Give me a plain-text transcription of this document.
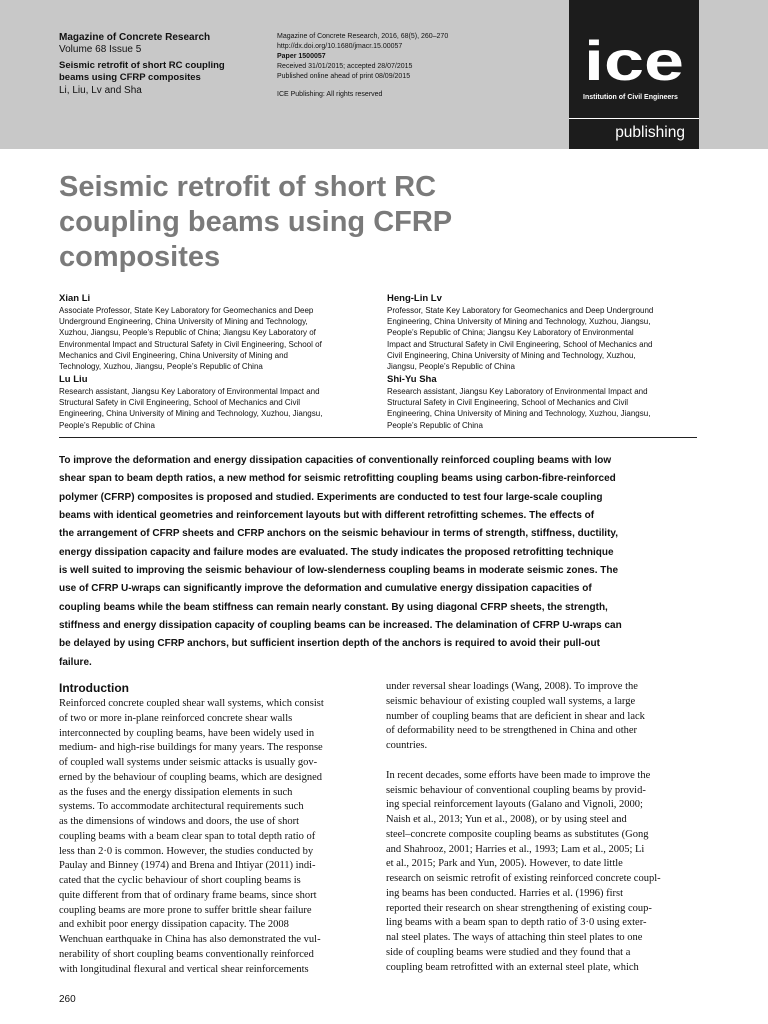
Magazine of Concrete Research
Volume 68 Issue 5
Seismic retrofit of short RC coupling
beams using CFRP composites
Li, Liu, Lv and Sha
Magazine of Concrete Research, 2016, 68(5), 260–270
http://dx.doi.org/10.1680/jmacr.15.00057
Paper 1500057
Received 31/01/2015; accepted 28/07/2015
Published online ahead of print 08/09/2015
ICE Publishing: All rights reserved
ice
Institution of Civil Engineers
publishing
Seismic retrofit of short RC
coupling beams using CFRP
composites
Xian Li
Associate Professor, State Key Laboratory for Geomechanics and Deep
Underground Engineering, China University of Mining and Technology,
Xuzhou, Jiangsu, People’s Republic of China; Jiangsu Key Laboratory of
Environmental Impact and Structural Safety in Civil Engineering, School of
Mechanics and Civil Engineering, China University of Mining and
Technology, Xuzhou, Jiangsu, People’s Republic of China
Heng-Lin Lv
Professor, State Key Laboratory for Geomechanics and Deep Underground
Engineering, China University of Mining and Technology, Xuzhou, Jiangsu,
People’s Republic of China; Jiangsu Key Laboratory of Environmental
Impact and Structural Safety in Civil Engineering, School of Mechanics and
Civil Engineering, China University of Mining and Technology, Xuzhou,
Jiangsu, People’s Republic of China
Lu Liu
Research assistant, Jiangsu Key Laboratory of Environmental Impact and
Structural Safety in Civil Engineering, School of Mechanics and Civil
Engineering, China University of Mining and Technology, Xuzhou, Jiangsu,
People’s Republic of China
Shi-Yu Sha
Research assistant, Jiangsu Key Laboratory of Environmental Impact and
Structural Safety in Civil Engineering, School of Mechanics and Civil
Engineering, China University of Mining and Technology, Xuzhou, Jiangsu,
People’s Republic of China
To improve the deformation and energy dissipation capacities of conventionally reinforced coupling beams with low
shear span to beam depth ratios, a new method for seismic retrofitting coupling beams using carbon-fibre-reinforced
polymer (CFRP) composites is proposed and studied. Experiments are conducted to test four large-scale coupling
beams with identical geometries and reinforcement layouts but with different retrofitting schemes. The effects of
the arrangement of CFRP sheets and CFRP anchors on the seismic behaviour in terms of strength, stiffness, ductility,
energy dissipation capacity and failure modes are evaluated. The study indicates the proposed retrofitting technique
is well suited to improving the seismic behaviour of low-slenderness coupling beams in moderate seismic zones. The
use of CFRP U-wraps can significantly improve the deformation and cumulative energy dissipation capacities of
coupling beams while the beam stiffness can remain nearly constant. By using diagonal CFRP sheets, the strength,
stiffness and energy dissipation capacity of coupling beams can be increased. The delamination of CFRP U-wraps can
be delayed by using CFRP anchors, but sufficient insertion depth of the anchors is required to avoid their pull-out
failure.
Introduction
Reinforced concrete coupled shear wall systems, which consist
of two or more in-plane reinforced concrete shear walls
interconnected by coupling beams, have been widely used in
medium- and high-rise buildings for many years. The response
of coupled wall systems under seismic attacks is usually gov-
erned by the behaviour of coupling beams, which are designed
as the fuses and the energy dissipation elements in such
systems. To accommodate architectural requirements such
as the dimensions of windows and doors, the use of short
coupling beams with a beam clear span to total depth ratio of
less than 2·0 is common. However, the studies conducted by
Paulay and Binney (1974) and Brena and Ihtiyar (2011) indi-
cated that the cyclic behaviour of short coupling beams is
quite different from that of ordinary frame beams, since short
coupling beams are more prone to suffer brittle shear failure
and exhibit poor energy dissipation capacity. The 2008
Wenchuan earthquake in China has also demonstrated the vul-
nerability of short coupling beams conventionally reinforced
with longitudinal flexural and vertical shear reinforcements
under reversal shear loadings (Wang, 2008). To improve the
seismic behaviour of existing coupled wall systems, a large
number of coupling beams that are deficient in shear and lack
of deformability need to be strengthened in China and other
countries.
In recent decades, some efforts have been made to improve the
seismic behaviour of conventional coupling beams by provid-
ing special reinforcement layouts (Galano and Vignoli, 2000;
Naish et al., 2013; Yun et al., 2008), or by using steel and
steel–concrete composite coupling beams as substitutes (Gong
and Shahrooz, 2001; Harries et al., 1993; Lam et al., 2005; Li
et al., 2015; Park and Yun, 2005). However, to date little
research on seismic retrofit of existing reinforced concrete coupl-
ing beams has been conducted. Harries et al. (1996) first
reported their research on shear strengthening of existing coup-
ling beams with a beam span to depth ratio of 3·0 using exter-
nal steel plates. The ways of attaching thin steel plates to one
side of coupling beams were studied and they found that a
coupling beam retrofitted with an external steel plate, which
260
